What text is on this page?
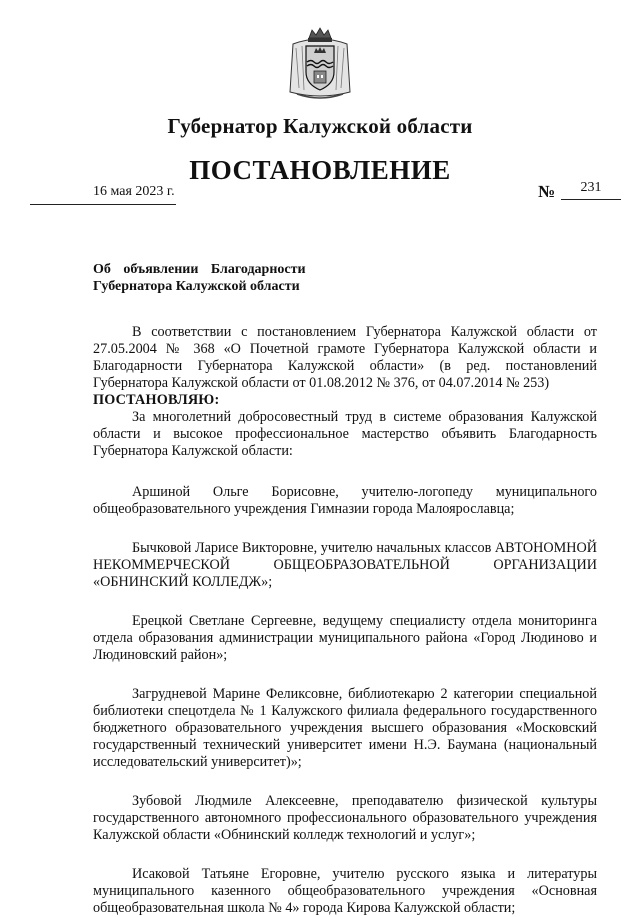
Губернатор Калужской области
ПОСТАНОВЛЕНИЕ
16 мая 2023 г.	№	231
Об объявлении Благодарности
Губернатора Калужской области

В соответствии с постановлением Губернатора Калужской области от 27.05.2004 № 368 «О Почетной грамоте Губернатора Калужской области и Благодарности Губернатора Калужской области» (в ред. постановлений Губернатора Калужской области от 01.08.2012 № 376, от 04.07.2014 № 253)

ПОСТАНОВЛЯЮ:

За многолетний добросовестный труд в системе образования Калужской области и высокое профессиональное мастерство объявить Благодарность Губернатора Калужской области:

Аршиной Ольге Борисовне, учителю-логопеду муниципального общеобразовательного учреждения Гимназии города Малоярославца;

Бычковой Ларисе Викторовне, учителю начальных классов АВТОНОМНОЙ НЕКОММЕРЧЕСКОЙ ОБЩЕОБРАЗОВАТЕЛЬНОЙ ОРГАНИЗАЦИИ «ОБНИНСКИЙ КОЛЛЕДЖ»;

Ерецкой Светлане Сергеевне, ведущему специалисту отдела мониторинга отдела образования администрации муниципального района «Город Людиново и Людиновский район»;

Загрудневой Марине Феликсовне, библиотекарю 2 категории специальной библиотеки спецотдела № 1 Калужского филиала федерального государственного бюджетного образовательного учреждения высшего образования «Московский государственный технический университет имени Н.Э. Баумана (национальный исследовательский университет)»;

Зубовой Людмиле Алексеевне, преподавателю физической культуры государственного автономного профессионального образовательного учреждения Калужской области «Обнинский колледж технологий и услуг»;

Исаковой Татьяне Егоровне, учителю русского языка и литературы муниципального казенного общеобразовательного учреждения «Основная общеобразовательная школа № 4» города Кирова Калужской области;
